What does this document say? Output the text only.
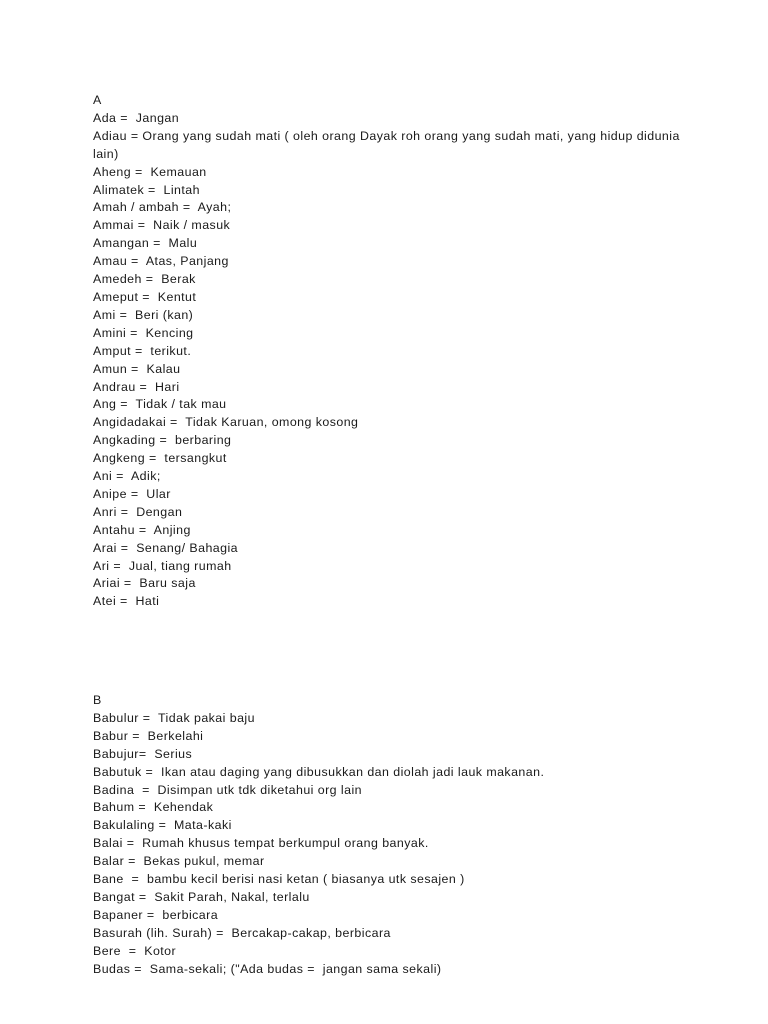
A
Ada =  Jangan
Adiau = Orang yang sudah mati ( oleh orang Dayak roh orang yang sudah mati, yang hidup didunia lain)
Aheng =  Kemauan
Alimatek =  Lintah
Amah / ambah =  Ayah;
Ammai =  Naik / masuk
Amangan =  Malu
Amau =  Atas, Panjang
Amedeh =  Berak
Ameput =  Kentut
Ami =  Beri (kan)
Amini =  Kencing
Amput =  terikut.
Amun =  Kalau
Andrau =  Hari
Ang =  Tidak / tak mau
Angidadakai =  Tidak Karuan, omong kosong
Angkading =  berbaring
Angkeng =  tersangkut
Ani =  Adik;
Anipe =  Ular
Anri =  Dengan
Antahu =  Anjing
Arai =  Senang/ Bahagia
Ari =  Jual, tiang rumah
Ariai =  Baru saja
Atei =  Hati
B
Babulur =  Tidak pakai baju
Babur =  Berkelahi
Babujur=  Serius
Babutuk =  Ikan atau daging yang dibusukkan dan diolah jadi lauk makanan.
Badina  =  Disimpan utk tdk diketahui org lain
Bahum =  Kehendak
Bakulaling =  Mata-kaki
Balai =  Rumah khusus tempat berkumpul orang banyak.
Balar =  Bekas pukul, memar
Bane  =  bambu kecil berisi nasi ketan ( biasanya utk sesajen )
Bangat =  Sakit Parah, Nakal, terlalu
Bapaner =  berbicara
Basurah (lih. Surah) =  Bercakap-cakap, berbicara
Bere  =  Kotor
Budas =  Sama-sekali; ("Ada budas =  jangan sama sekali)
